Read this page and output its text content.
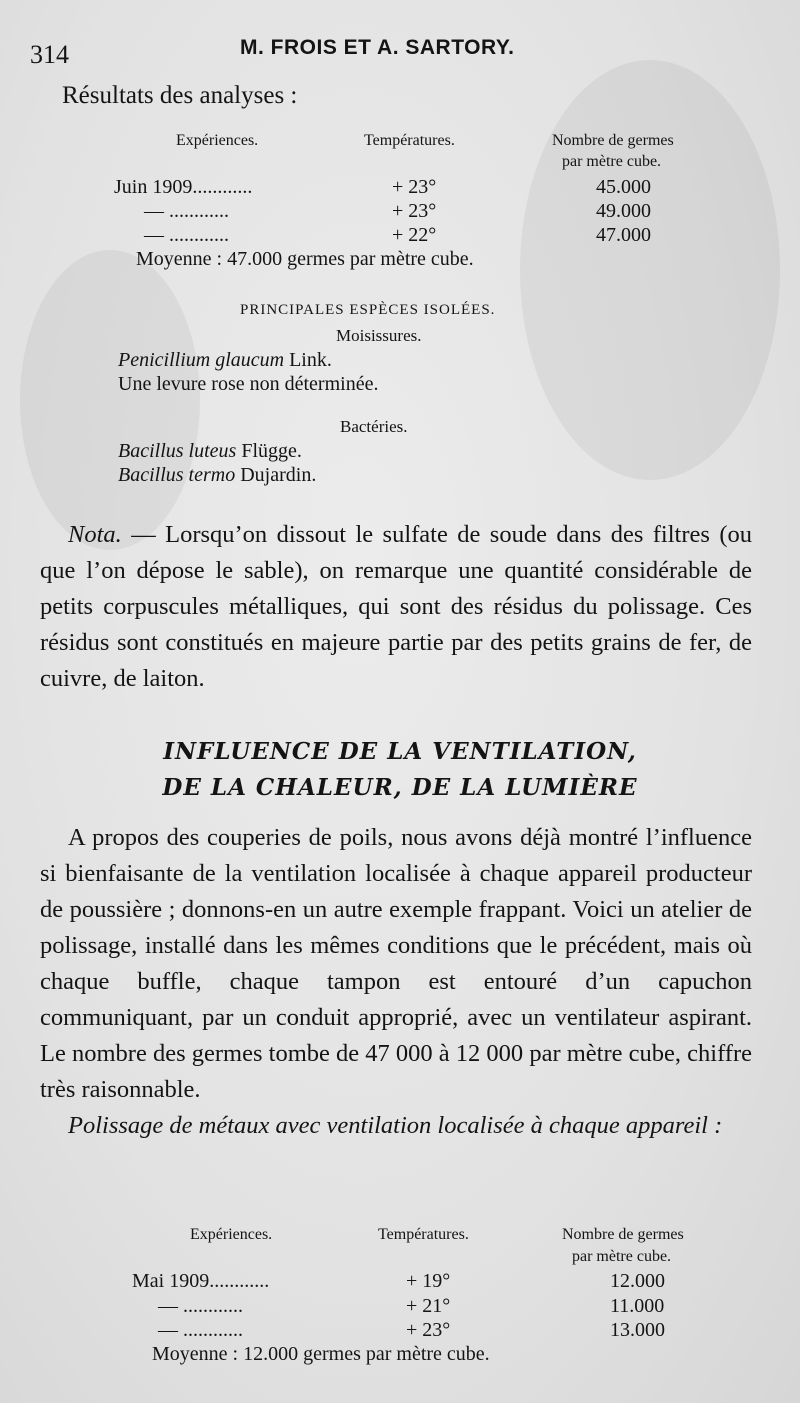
314	M. FROIS ET A. SARTORY.
Résultats des analyses :
Expériences.	Températures.	Nombre de germes
par mètre cube.
Juin 1909............	+ 23°	45.000
— ............	+ 23°	49.000
— ............	+ 22°	47.000
Moyenne : 47.000 germes par mètre cube.
PRINCIPALES ESPÈCES ISOLÉES.
Moisissures.
Penicillium glaucum Link.
Une levure rose non déterminée.
Bactéries.
Bacillus luteus Flügge.
Bacillus termo Dujardin.

Nota. — Lorsqu’on dissout le sulfate de soude dans des filtres (ou que l’on dépose le sable), on remarque une quantité considérable de petits corpuscules métalliques, qui sont des résidus du polissage. Ces résidus sont constitués en majeure partie par des petits grains de fer, de cuivre, de laiton.

INFLUENCE DE LA VENTILATION,
DE LA CHALEUR, DE LA LUMIÈRE

A propos des couperies de poils, nous avons déjà montré l’influence si bienfaisante de la ventilation localisée à chaque appareil producteur de poussière ; donnons-en un autre exemple frappant. Voici un atelier de polissage, installé dans les mêmes conditions que le précédent, mais où chaque buffle, chaque tampon est entouré d’un capuchon communiquant, par un conduit approprié, avec un ventilateur aspirant. Le nombre des germes tombe de 47 000 à 12 000 par mètre cube, chiffre très raisonnable.

Polissage de métaux avec ventilation localisée à chaque appareil :

Expériences.	Températures.	Nombre de germes
par mètre cube.
Mai 1909............	+ 19°	12.000
— ............	+ 21°	11.000
— ............	+ 23°	13.000
Moyenne : 12.000 germes par mètre cube.
